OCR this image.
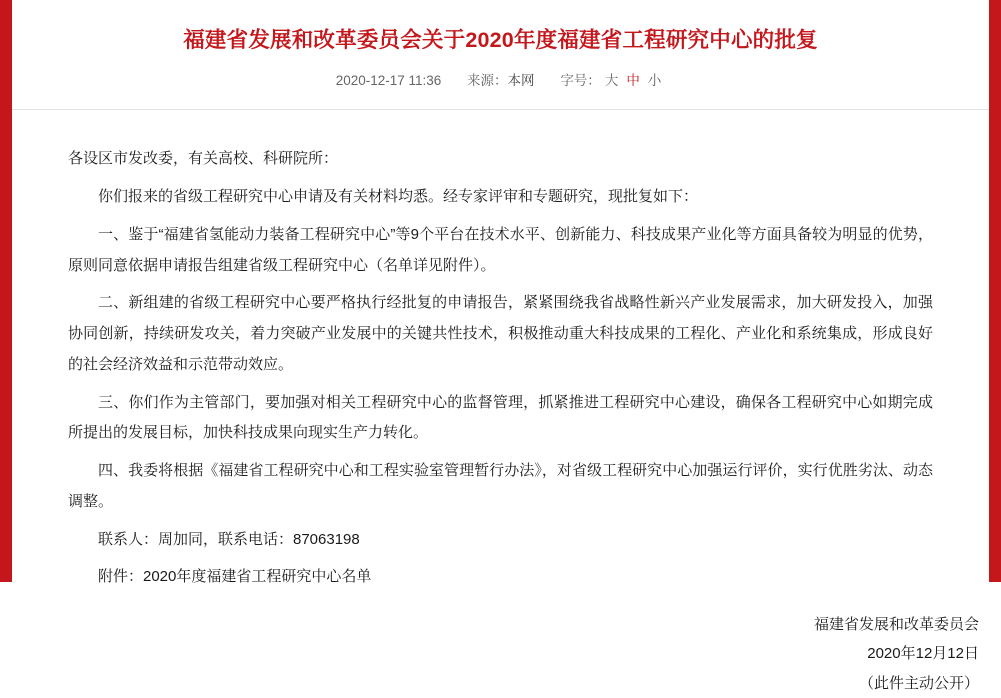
福建省发展和改革委员会关于2020年度福建省工程研究中心的批复
2020-12-17 11:36 来源：本网 字号： 大 中 小

各设区市发改委，有关高校、科研院所：

你们报来的省级工程研究中心申请及有关材料均悉。经专家评审和专题研究，现批复如下：

一、鉴于“福建省氢能动力装备工程研究中心”等9个平台在技术水平、创新能力、科技成果产业化等方面具备较为明显的优势，原则同意依据申请报告组建省级工程研究中心（名单详见附件）。

二、新组建的省级工程研究中心要严格执行经批复的申请报告，紧紧围绕我省战略性新兴产业发展需求，加大研发投入，加强协同创新，持续研发攻关，着力突破产业发展中的关键共性技术，积极推动重大科技成果的工程化、产业化和系统集成，形成良好的社会经济效益和示范带动效应。

三、你们作为主管部门，要加强对相关工程研究中心的监督管理，抓紧推进工程研究中心建设，确保各工程研究中心如期完成所提出的发展目标，加快科技成果向现实生产力转化。

四、我委将根据《福建省工程研究中心和工程实验室管理暂行办法》，对省级工程研究中心加强运行评价，实行优胜劣汰、动态调整。

联系人：周加同，联系电话：87063198

附件：2020年度福建省工程研究中心名单

福建省发展和改革委员会

2020年12月12日

（此件主动公开）
